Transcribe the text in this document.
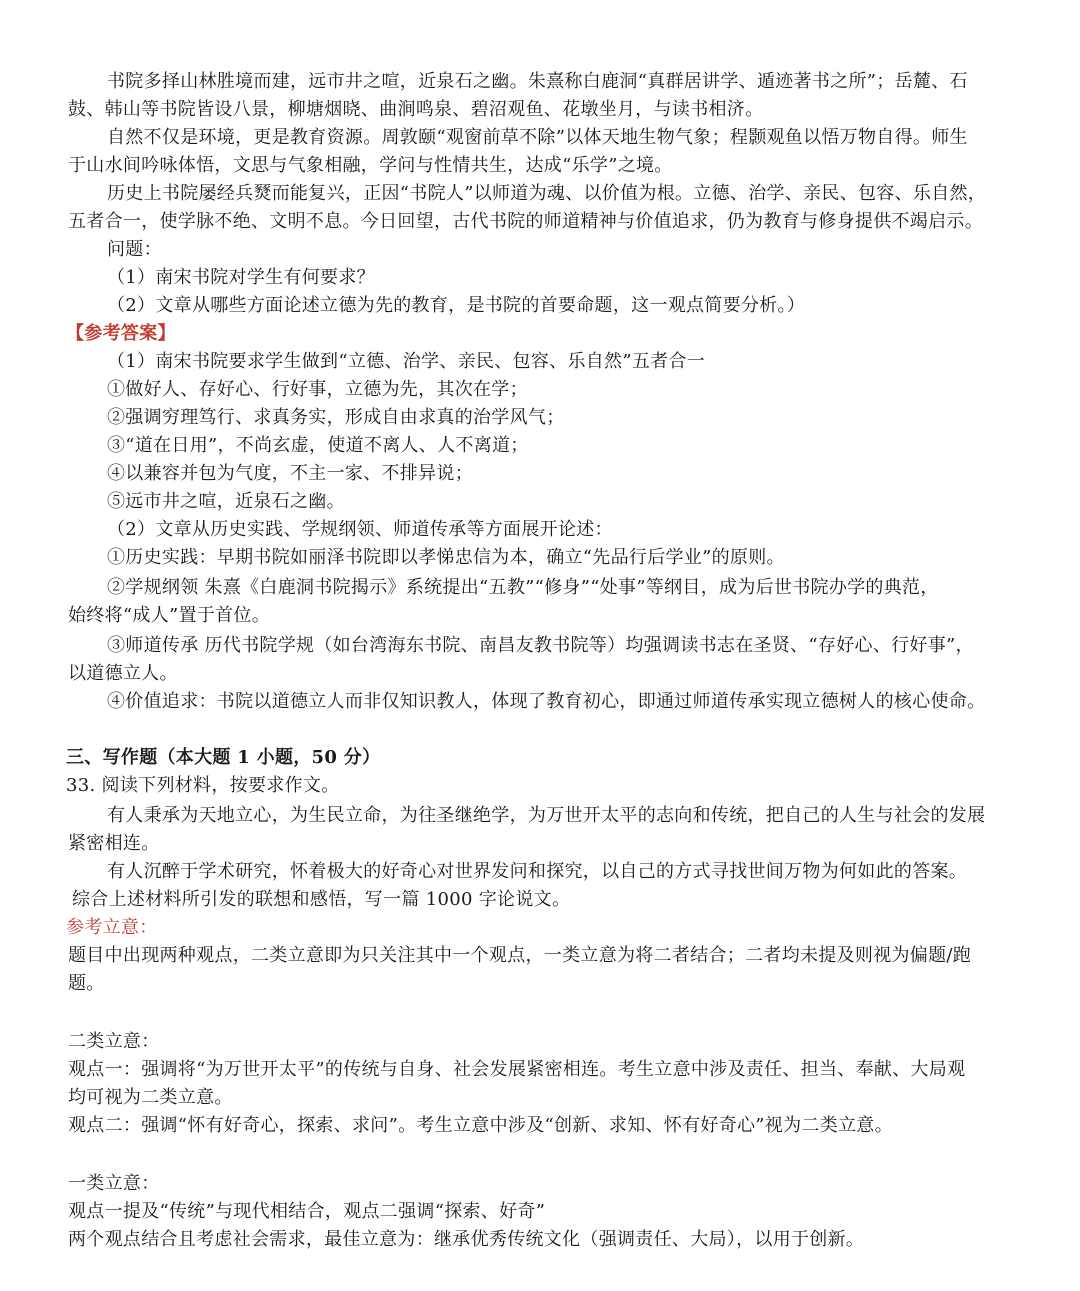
书院多择山林胜境而建，远市井之喧，近泉石之幽。朱熹称白鹿洞“真群居讲学、遁迹著书之所”；岳麓、石

鼓、韩山等书院皆设八景，柳塘烟晓、曲涧鸣泉、碧沼观鱼、花墩坐月，与读书相济。

自然不仅是环境，更是教育资源。周敦颐“观窗前草不除”以体天地生物气象；程颢观鱼以悟万物自得。师生

于山水间吟咏体悟，文思与气象相融，学问与性情共生，达成“乐学”之境。

历史上书院屡经兵燹而能复兴，正因“书院人”以师道为魂、以价值为根。立德、治学、亲民、包容、乐自然，

五者合一，使学脉不绝、文明不息。今日回望，古代书院的师道精神与价值追求，仍为教育与修身提供不竭启示。

问题：

（1）南宋书院对学生有何要求？

（2）文章从哪些方面论述立德为先的教育，是书院的首要命题，这一观点简要分析。）

【参考答案】

（1）南宋书院要求学生做到“立德、治学、亲民、包容、乐自然”五者合一

①做好人、存好心、行好事，立德为先，其次在学；

②强调穷理笃行、求真务实，形成自由求真的治学风气；

③“道在日用”，不尚玄虚，使道不离人、人不离道；

④以兼容并包为气度，不主一家、不排异说；

⑤远市井之喧，近泉石之幽。

（2）文章从历史实践、学规纲领、师道传承等方面展开论述：

①历史实践：早期书院如丽泽书院即以孝悌忠信为本，确立“先品行后学业”的原则。

②学规纲领 朱熹《白鹿洞书院揭示》系统提出“五教”“修身”“处事”等纲目，成为后世书院办学的典范，

始终将“成人”置于首位。

③师道传承 历代书院学规（如台湾海东书院、南昌友教书院等）均强调读书志在圣贤、“存好心、行好事”，

以道德立人。

④价值追求：书院以道德立人而非仅知识教人，体现了教育初心，即通过师道传承实现立德树人的核心使命。

三、写作题（本大题 1 小题，50 分）

33. 阅读下列材料，按要求作文。

有人秉承为天地立心，为生民立命，为往圣继绝学，为万世开太平的志向和传统，把自己的人生与社会的发展

紧密相连。

有人沉醉于学术研究，怀着极大的好奇心对世界发问和探究，以自己的方式寻找世间万物为何如此的答案。

综合上述材料所引发的联想和感悟，写一篇 1000 字论说文。

参考立意：

题目中出现两种观点，二类立意即为只关注其中一个观点，一类立意为将二者结合；二者均未提及则视为偏题/跑

题。

二类立意：

观点一：强调将“为万世开太平”的传统与自身、社会发展紧密相连。考生立意中涉及责任、担当、奉献、大局观

均可视为二类立意。

观点二：强调“怀有好奇心，探索、求问”。考生立意中涉及“创新、求知、怀有好奇心”视为二类立意。

一类立意：

观点一提及“传统”与现代相结合，观点二强调“探索、好奇”

两个观点结合且考虑社会需求，最佳立意为：继承优秀传统文化（强调责任、大局），以用于创新。
